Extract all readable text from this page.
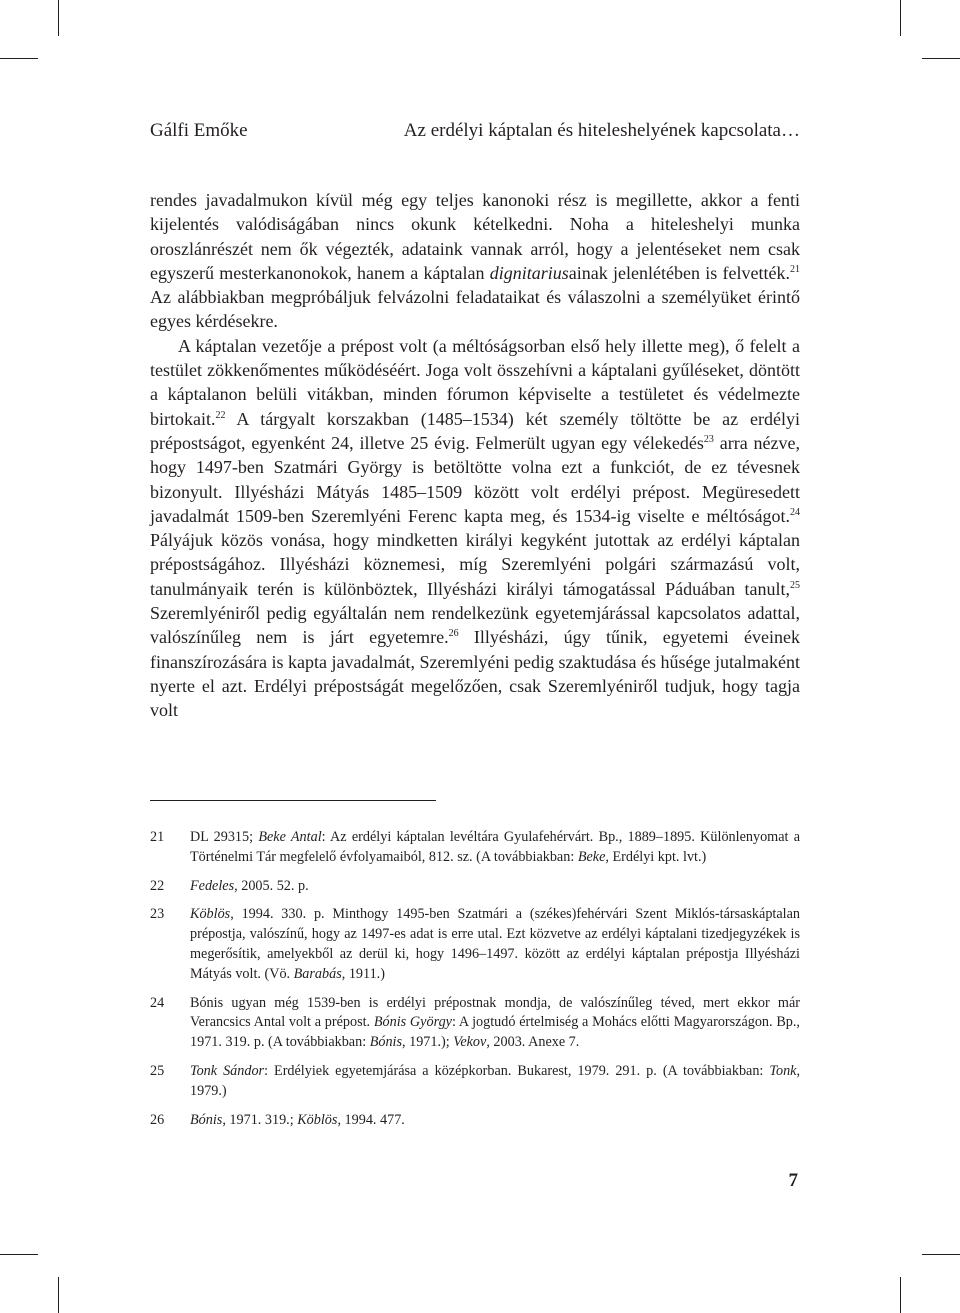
Gálfi Emőke	Az erdélyi káptalan és hiteleshelyének kapcsolata…

rendes javadalmukon kívül még egy teljes kanonoki rész is megillette, akkor a fenti kijelentés valódiságában nincs okunk kételkedni. Noha a hiteleshelyi munka oroszlánrészét nem ők végezték, adataink vannak arról, hogy a jelentéseket nem csak egyszerű mesterkanonokok, hanem a káptalan dignitariusainak jelenlétében is felvették.$^{21}$ Az alábbiakban megpróbáljuk felvázolni feladataikat és válaszolni a személyüket érintő egyes kérdésekre.

A káptalan vezetője a prépost volt (a méltóságsorban első hely illette meg), ő felelt a testület zökkenőmentes működéséért. Joga volt összehívni a káptalani gyűléseket, döntött a káptalanon belüli vitákban, minden fórumon képviselte a testületet és védelmezte birtokait.$^{22}$ A tárgyalt korszakban (1485–1534) két személy töltötte be az erdélyi prépostságot, egyenként 24, illetve 25 évig. Felmerült ugyan egy vélekedés$^{23}$ arra nézve, hogy 1497-ben Szatmári György is betöltötte volna ezt a funkciót, de ez tévesnek bizonyult. Illyésházi Mátyás 1485–1509 között volt erdélyi prépost. Megüresedett javadalmát 1509-ben Szeremlyéni Ferenc kapta meg, és 1534-ig viselte e méltóságot.$^{24}$ Pályájuk közös vonása, hogy mindketten királyi kegyként jutottak az erdélyi káptalan prépostságához. Illyésházi köznemesi, míg Szeremlyéni polgári származású volt, tanulmányaik terén is különböztek, Illyésházi királyi támogatással Páduában tanult,$^{25}$ Szeremlyéniről pedig egyáltalán nem rendelkezünk egyetemjárással kapcsolatos adattal, valószínűleg nem is járt egyetemre.$^{26}$ Illyésházi, úgy tűnik, egyetemi éveinek finanszírozására is kapta javadalmát, Szeremlyéni pedig szaktudása és hűsége jutalmaként nyerte el azt. Erdélyi prépostságát megelőzően, csak Szeremlyéniről tudjuk, hogy tagja volt

21	DL 29315; Beke Antal: Az erdélyi káptalan levéltára Gyulafehérvárt. Bp., 1889–1895. Különlenyomat a Történelmi Tár megfelelő évfolyamaiból, 812. sz. (A továbbiakban: Beke, Erdélyi kpt. lvt.)
22	Fedeles, 2005. 52. p.
23	Köblös, 1994. 330. p. Minthogy 1495-ben Szatmári a (székes)fehérvári Szent Miklós-társaskáptalan prépostja, valószínű, hogy az 1497-es adat is erre utal. Ezt közvetve az erdélyi káptalani tizedjegyzékek is megerősítik, amelyekből az derül ki, hogy 1496–1497. között az erdélyi káptalan prépostja Illyésházi Mátyás volt. (Vö. Barabás, 1911.)
24	Bónis ugyan még 1539-ben is erdélyi prépostnak mondja, de valószínűleg téved, mert ekkor már Verancsics Antal volt a prépost. Bónis György: A jogtudó értelmiség a Mohács előtti Magyarországon. Bp., 1971. 319. p. (A továbbiakban: Bónis, 1971.); Vekov, 2003. Anexe 7.
25	Tonk Sándor: Erdélyiek egyetemjárása a középkorban. Bukarest, 1979. 291. p. (A továbbiakban: Tonk, 1979.)
26	Bónis, 1971. 319.; Köblös, 1994. 477.
7
